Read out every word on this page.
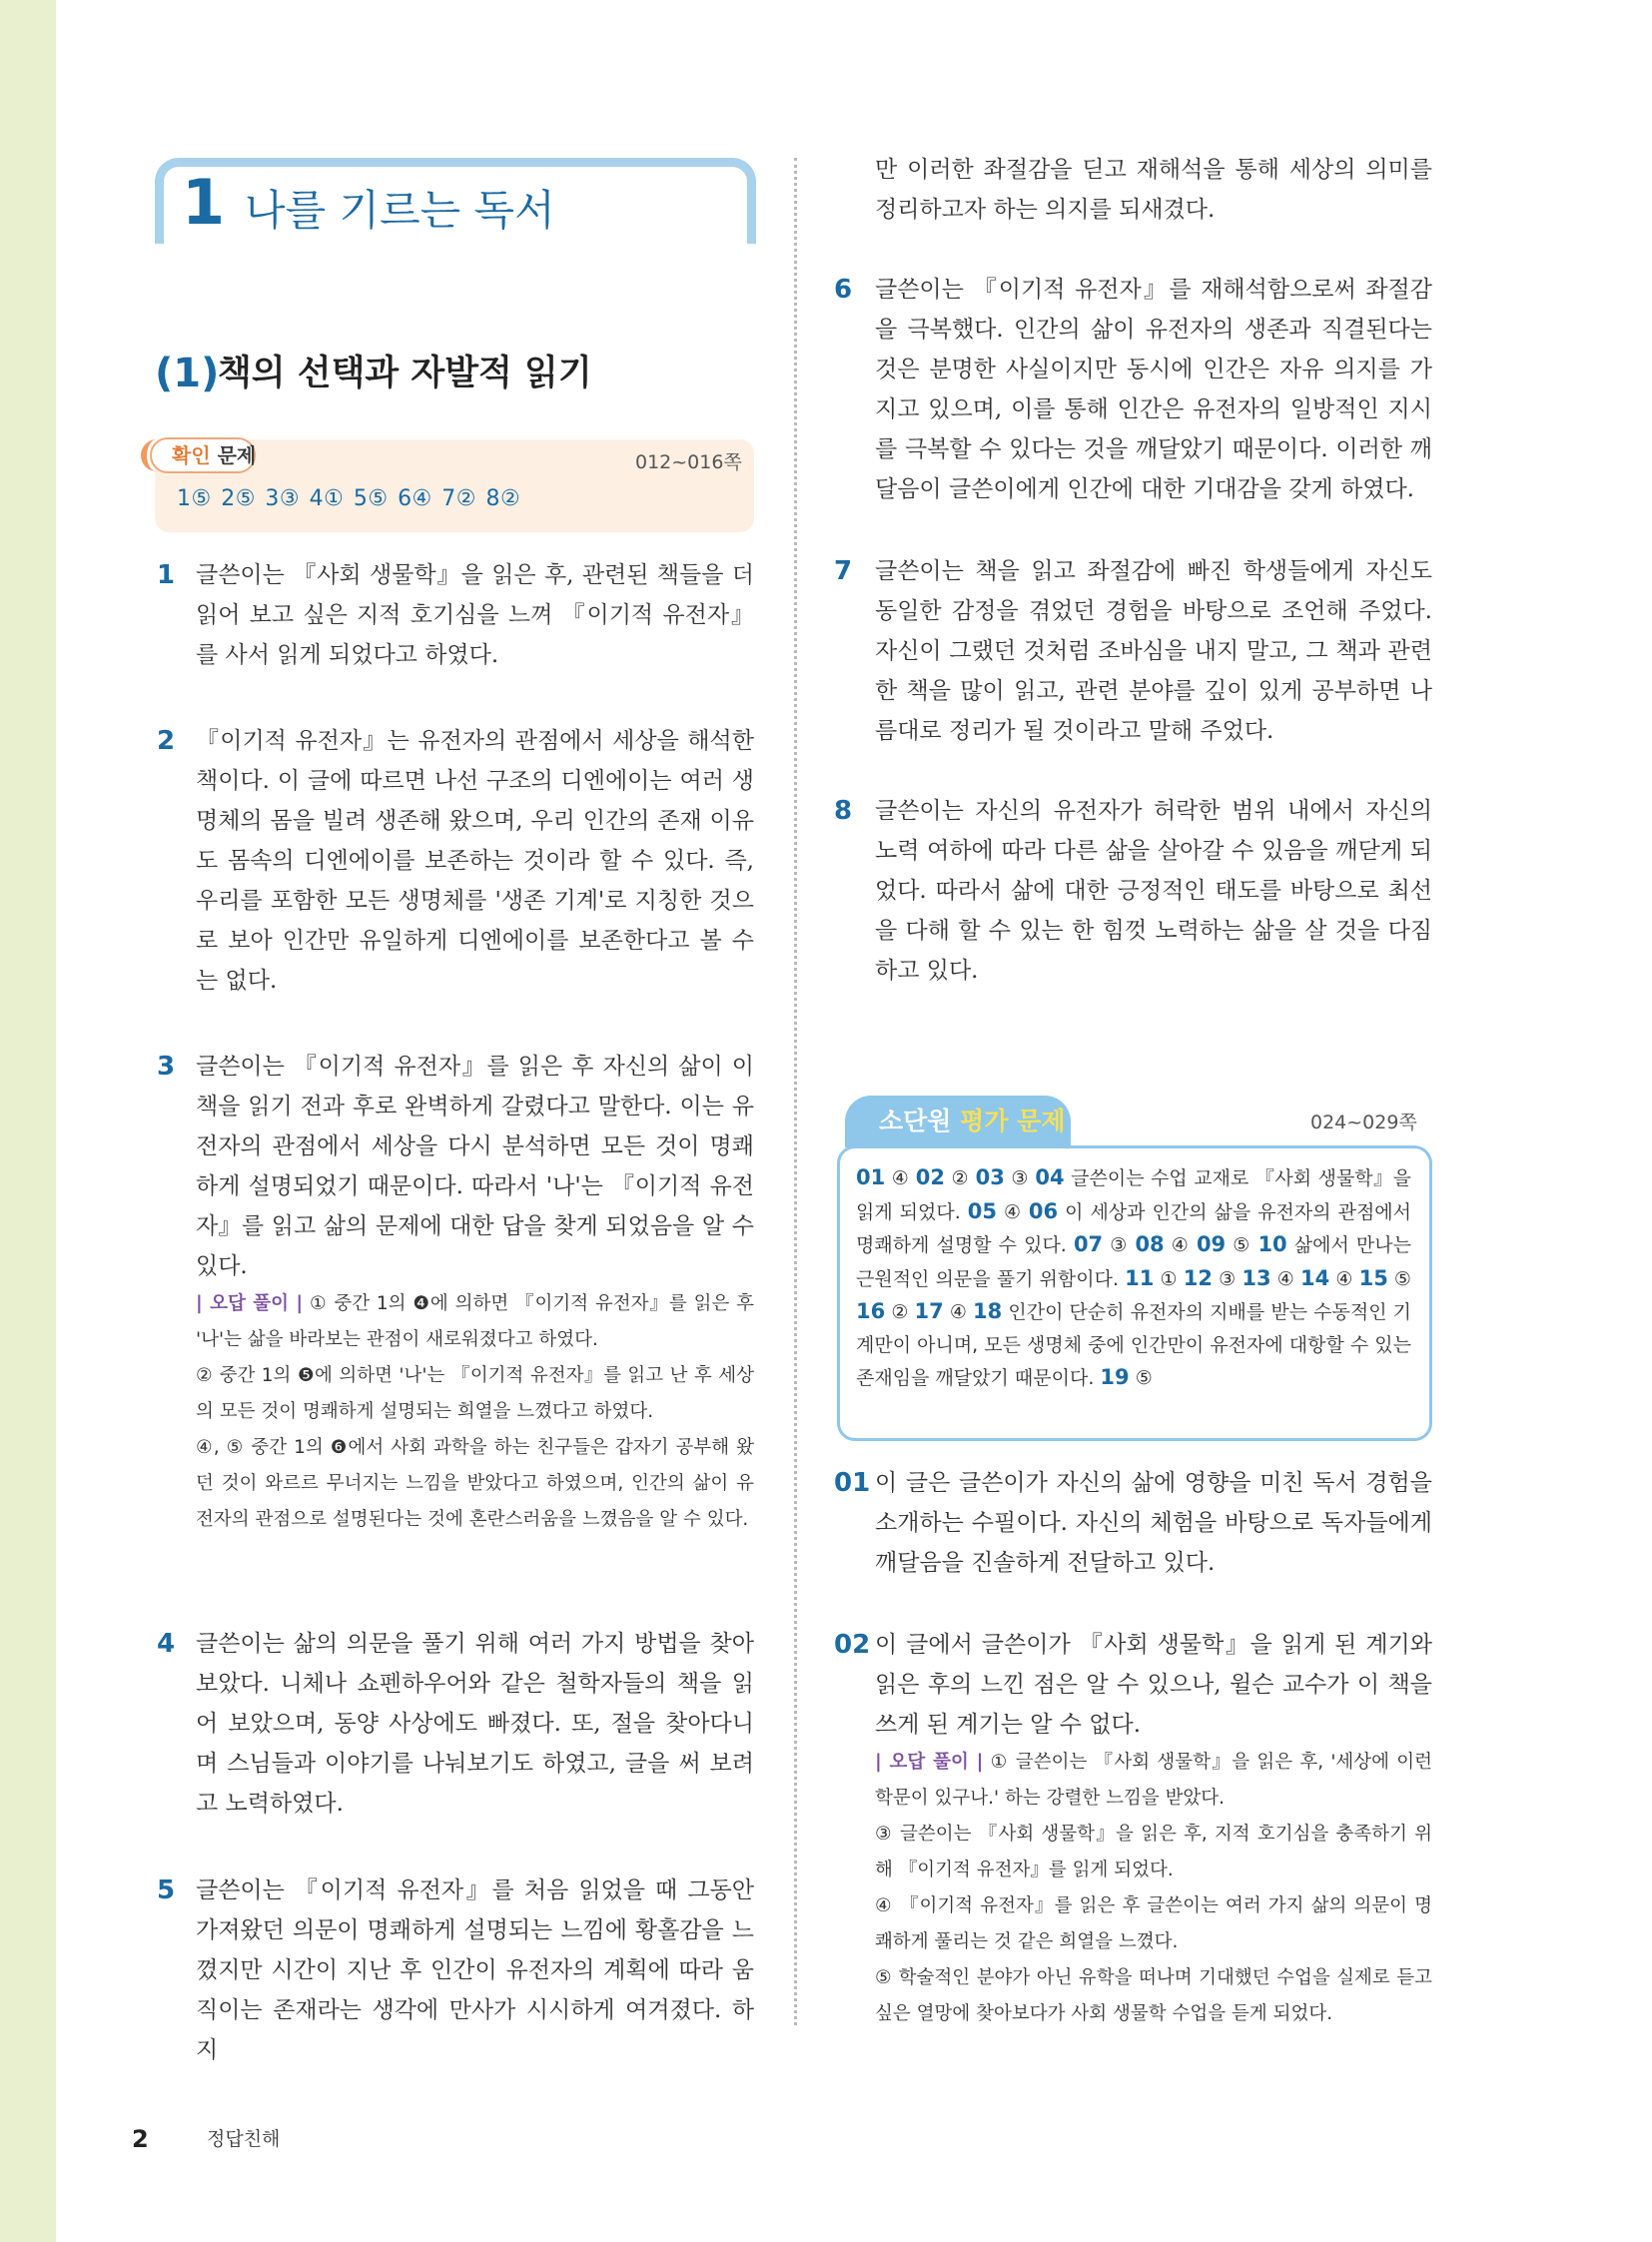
1 나를 기르는 독서
(1)
책의 선택과 자발적 읽기
확인 문제	012~016쪽
1⑤ 2⑤ 3③ 4① 5⑤ 6④ 7② 8②
1 글쓴이는 『사회 생물학』을 읽은 후, 관련된 책들을 더 읽어 보고 싶은 지적 호기심을 느껴 『이기적 유전자』를 사서 읽게 되었다고 하였다.
2 『이기적 유전자』는 유전자의 관점에서 세상을 해석한 책이다. 이 글에 따르면 나선 구조의 디엔에이는 여러 생명체의 몸을 빌려 생존해 왔으며, 우리 인간의 존재 이유도 몸속의 디엔에이를 보존하는 것이라 할 수 있다. 즉, 우리를 포함한 모든 생명체를 '생존 기계'로 지칭한 것으로 보아 인간만 유일하게 디엔에이를 보존한다고 볼 수는 없다.
3 글쓴이는 『이기적 유전자』를 읽은 후 자신의 삶이 이 책을 읽기 전과 후로 완벽하게 갈렸다고 말한다. 이는 유전자의 관점에서 세상을 다시 분석하면 모든 것이 명쾌하게 설명되었기 때문이다. 따라서 '나'는 『이기적 유전자』를 읽고 삶의 문제에 대한 답을 찾게 되었음을 알 수 있다.
| 오답 풀이 | ① 중간 1의 ❹에 의하면 『이기적 유전자』를 읽은 후 '나'는 삶을 바라보는 관점이 새로워졌다고 하였다.
② 중간 1의 ❺에 의하면 '나'는 『이기적 유전자』를 읽고 난 후 세상의 모든 것이 명쾌하게 설명되는 희열을 느꼈다고 하였다.
④, ⑤ 중간 1의 ❻에서 사회 과학을 하는 친구들은 갑자기 공부해 왔던 것이 와르르 무너지는 느낌을 받았다고 하였으며, 인간의 삶이 유전자의 관점으로 설명된다는 것에 혼란스러움을 느꼈음을 알 수 있다.
4 글쓴이는 삶의 의문을 풀기 위해 여러 가지 방법을 찾아보았다. 니체나 쇼펜하우어와 같은 철학자들의 책을 읽어 보았으며, 동양 사상에도 빠졌다. 또, 절을 찾아다니며 스님들과 이야기를 나눠보기도 하였고, 글을 써 보려고 노력하였다.
5 글쓴이는 『이기적 유전자』를 처음 읽었을 때 그동안 가져왔던 의문이 명쾌하게 설명되는 느낌에 황홀감을 느꼈지만 시간이 지난 후 인간이 유전자의 계획에 따라 움직이는 존재라는 생각에 만사가 시시하게 여겨졌다. 하지
만 이러한 좌절감을 딛고 재해석을 통해 세상의 의미를 정리하고자 하는 의지를 되새겼다.
6 글쓴이는 『이기적 유전자』를 재해석함으로써 좌절감을 극복했다. 인간의 삶이 유전자의 생존과 직결된다는 것은 분명한 사실이지만 동시에 인간은 자유 의지를 가지고 있으며, 이를 통해 인간은 유전자의 일방적인 지시를 극복할 수 있다는 것을 깨달았기 때문이다. 이러한 깨달음이 글쓴이에게 인간에 대한 기대감을 갖게 하였다.
7 글쓴이는 책을 읽고 좌절감에 빠진 학생들에게 자신도 동일한 감정을 겪었던 경험을 바탕으로 조언해 주었다. 자신이 그랬던 것처럼 조바심을 내지 말고, 그 책과 관련한 책을 많이 읽고, 관련 분야를 깊이 있게 공부하면 나름대로 정리가 될 것이라고 말해 주었다.
8 글쓴이는 자신의 유전자가 허락한 범위 내에서 자신의 노력 여하에 따라 다른 삶을 살아갈 수 있음을 깨닫게 되었다. 따라서 삶에 대한 긍정적인 태도를 바탕으로 최선을 다해 할 수 있는 한 힘껏 노력하는 삶을 살 것을 다짐하고 있다.
소단원 평가 문제	024~029쪽
01 ④ 02 ② 03 ③ 04 글쓴이는 수업 교재로 『사회 생물학』을 읽게 되었다. 05 ④ 06 이 세상과 인간의 삶을 유전자의 관점에서 명쾌하게 설명할 수 있다. 07 ③ 08 ④ 09 ⑤ 10 삶에서 만나는 근원적인 의문을 풀기 위함이다. 11 ① 12 ③ 13 ④ 14 ④ 15 ⑤ 16 ② 17 ④ 18 인간이 단순히 유전자의 지배를 받는 수동적인 기계만이 아니며, 모든 생명체 중에 인간만이 유전자에 대항할 수 있는 존재임을 깨달았기 때문이다. 19 ⑤
01 이 글은 글쓴이가 자신의 삶에 영향을 미친 독서 경험을 소개하는 수필이다. 자신의 체험을 바탕으로 독자들에게 깨달음을 진솔하게 전달하고 있다.
02 이 글에서 글쓴이가 『사회 생물학』을 읽게 된 계기와 읽은 후의 느낀 점은 알 수 있으나, 윌슨 교수가 이 책을 쓰게 된 계기는 알 수 없다.
| 오답 풀이 | ① 글쓴이는 『사회 생물학』을 읽은 후, '세상에 이런 학문이 있구나.' 하는 강렬한 느낌을 받았다.
③ 글쓴이는 『사회 생물학』을 읽은 후, 지적 호기심을 충족하기 위해 『이기적 유전자』를 읽게 되었다.
④ 『이기적 유전자』를 읽은 후 글쓴이는 여러 가지 삶의 의문이 명쾌하게 풀리는 것 같은 희열을 느꼈다.
⑤ 학술적인 분야가 아닌 유학을 떠나며 기대했던 수업을 실제로 듣고 싶은 열망에 찾아보다가 사회 생물학 수업을 듣게 되었다.
2	정답친해
